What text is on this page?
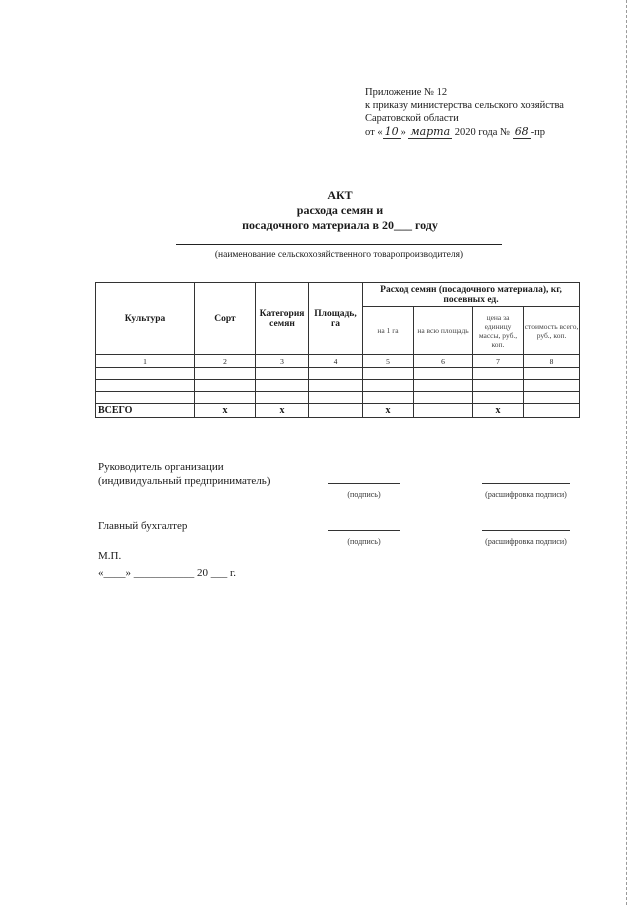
Приложение № 12
к приказу министерства сельского хозяйства
Саратовской области
от « 10 » марта 2020 года № 68 -пр
АКТ
расхода семян и
посадочного материала в 20___ году
(наименование сельскохозяйственного товаропроизводителя)
Культура	Сорт	Категория семян	Площадь, га	Расход семян (посадочного материала), кг, посевных ед.			
				на 1 га	на всю площадь	цена за единицу массы, руб., коп.	стоимость всего, руб., коп.
1	2	3	4	5	6	7	8

ВСЕГО	х	х		х		х	
Руководитель организации
(индивидуальный предприниматель)
(подпись)	(расшифровка подписи)
Главный бухгалтер
(подпись)	(расшифровка подписи)
М.П.
«____» ___________ 20 ___ г.
